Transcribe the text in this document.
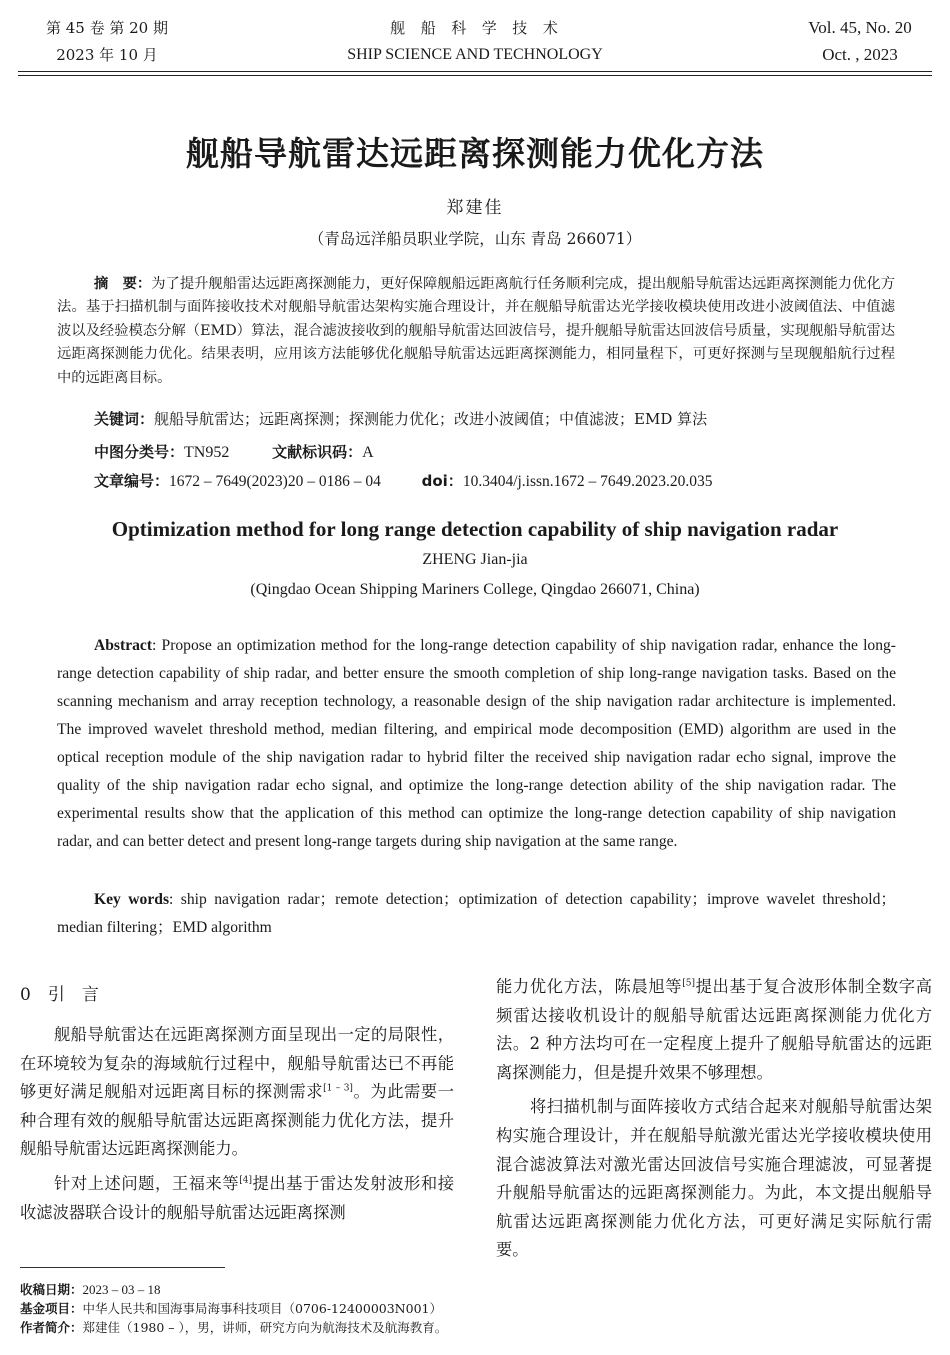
第 45 卷 第 20 期
2023 年 10 月
舰  船  科  学  技  术
SHIP SCIENCE AND TECHNOLOGY
Vol. 45, No. 20
Oct. , 2023
舰船导航雷达远距离探测能力优化方法
郑建佳
（青岛远洋船员职业学院，山东 青岛 266071）
摘　要：为了提升舰船雷达远距离探测能力，更好保障舰船远距离航行任务顺利完成，提出舰船导航雷达远距离探测能力优化方法。基于扫描机制与面阵接收技术对舰船导航雷达架构实施合理设计，并在舰船导航雷达光学接收模块使用改进小波阈值法、中值滤波以及经验模态分解（EMD）算法，混合滤波接收到的舰船导航雷达回波信号，提升舰船导航雷达回波信号质量，实现舰船导航雷达远距离探测能力优化。结果表明，应用该方法能够优化舰船导航雷达远距离探测能力，相同量程下，可更好探测与呈现舰船航行过程中的远距离目标。
关键词：舰船导航雷达；远距离探测；探测能力优化；改进小波阈值；中值滤波；EMD 算法
中图分类号：TN952	文献标识码：A
文章编号：1672 – 7649(2023)20 – 0186 – 04	doi：10.3404/j.issn.1672 – 7649.2023.20.035
Optimization method for long range detection capability of ship navigation radar
ZHENG Jian-jia
(Qingdao Ocean Shipping Mariners College, Qingdao 266071, China)
Abstract: Propose an optimization method for the long-range detection capability of ship navigation radar, enhance the long-range detection capability of ship radar, and better ensure the smooth completion of ship long-range navigation tasks. Based on the scanning mechanism and array reception technology, a reasonable design of the ship navigation radar architecture is implemented. The improved wavelet threshold method, median filtering, and empirical mode decomposition (EMD) algorithm are used in the optical reception module of the ship navigation radar to hybrid filter the received ship navigation radar echo signal, improve the quality of the ship navigation radar echo signal, and optimize the long-range detection ability of the ship navigation radar. The experimental results show that the application of this method can optimize the long-range detection capability of ship navigation radar, and can better detect and present long-range targets during ship navigation at the same range.
Key words: ship navigation radar；remote detection；optimization of detection capability；improve wavelet threshold；median filtering；EMD algorithm
0　引　言

舰船导航雷达在远距离探测方面呈现出一定的局限性，在环境较为复杂的海域航行过程中，舰船导航雷达已不再能够更好满足舰船对远距离目标的探测需求[1 – 3]。为此需要一种合理有效的舰船导航雷达远距离探测能力优化方法，提升舰船导航雷达远距离探测能力。

针对上述问题，王福来等[4]提出基于雷达发射波形和接收滤波器联合设计的舰船导航雷达远距离探测

能力优化方法，陈晨旭等[5]提出基于复合波形体制全数字高频雷达接收机设计的舰船导航雷达远距离探测能力优化方法。2 种方法均可在一定程度上提升了舰船导航雷达的远距离探测能力，但是提升效果不够理想。

将扫描机制与面阵接收方式结合起来对舰船导航雷达架构实施合理设计，并在舰船导航激光雷达光学接收模块使用混合滤波算法对激光雷达回波信号实施合理滤波，可显著提升舰船导航雷达的远距离探测能力。为此，本文提出舰船导航雷达远距离探测能力优化方法，可更好满足实际航行需要。

收稿日期：2023 – 03 – 18
基金项目：中华人民共和国海事局海事科技项目（0706-12400003N001）
作者简介：郑建佳（1980 – ），男，讲师，研究方向为航海技术及航海教育。
